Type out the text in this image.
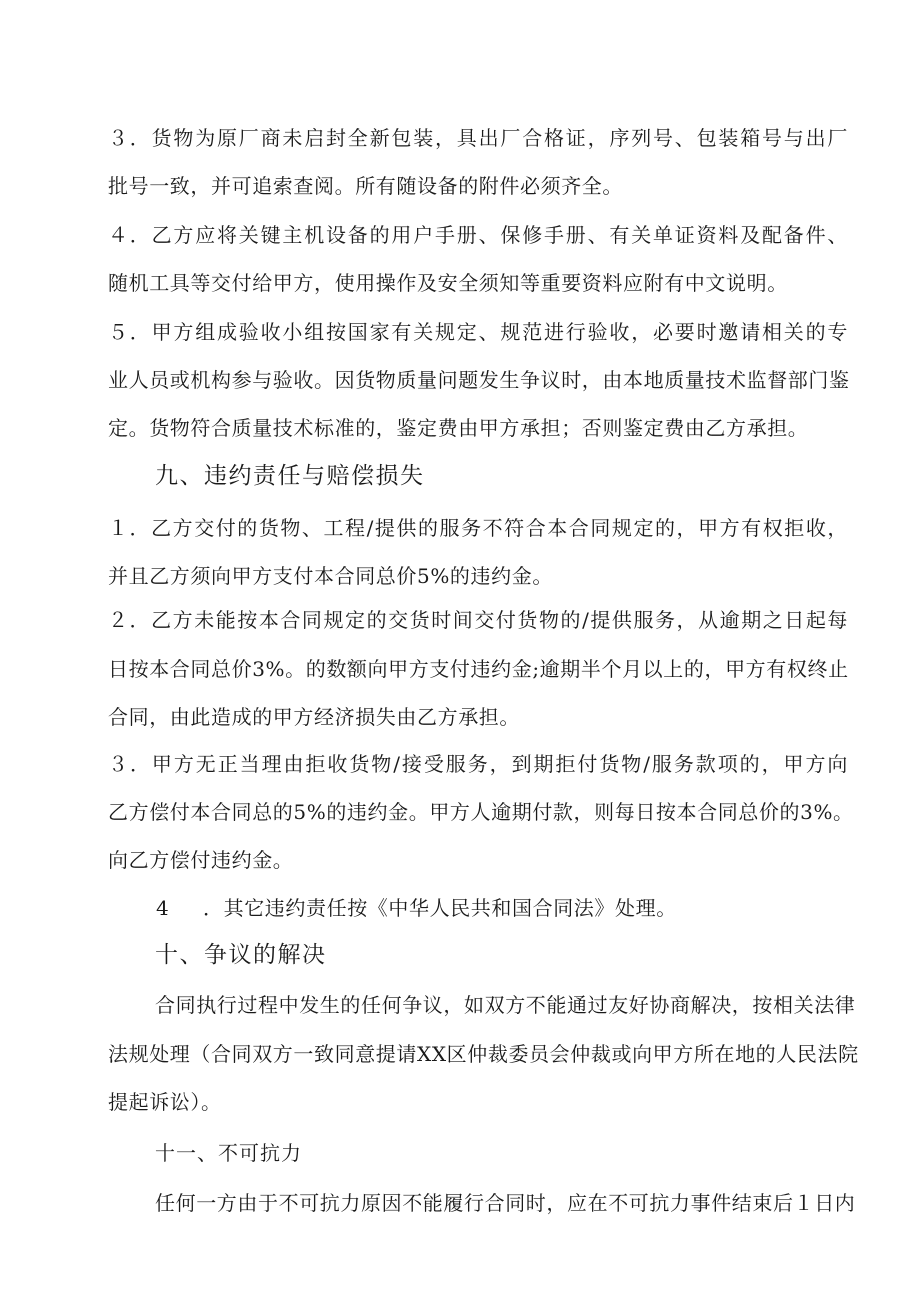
３．货物为原厂商未启封全新包装，具出厂合格证，序列号、包装箱号与出厂
批号一致，并可追索查阅。所有随设备的附件必须齐全。
４．乙方应将关键主机设备的用户手册、保修手册、有关单证资料及配备件、
随机工具等交付给甲方，使用操作及安全须知等重要资料应附有中文说明。
５．甲方组成验收小组按国家有关规定、规范进行验收，必要时邀请相关的专
业人员或机构参与验收。因货物质量问题发生争议时，由本地质量技术监督部门鉴
定。货物符合质量技术标准的，鉴定费由甲方承担；否则鉴定费由乙方承担。
九、违约责任与赔偿损失
１．乙方交付的货物、工程/提供的服务不符合本合同规定的，甲方有权拒收，
并且乙方须向甲方支付本合同总价5%的违约金。
２．乙方未能按本合同规定的交货时间交付货物的/提供服务，从逾期之日起每
日按本合同总价3%。的数额向甲方支付违约金;逾期半个月以上的，甲方有权终止
合同，由此造成的甲方经济损失由乙方承担。
３．甲方无正当理由拒收货物/接受服务，到期拒付货物/服务款项的，甲方向
乙方偿付本合同总的5%的违约金。甲方人逾期付款，则每日按本合同总价的3%。
向乙方偿付违约金。
4 ．其它违约责任按《中华人民共和国合同法》处理。
十、争议的解决
合同执行过程中发生的任何争议，如双方不能通过友好协商解决，按相关法律
法规处理（合同双方一致同意提请XX区仲裁委员会仲裁或向甲方所在地的人民法院
提起诉讼）。
十一、不可抗力
任何一方由于不可抗力原因不能履行合同时，应在不可抗力事件结束后１日内
